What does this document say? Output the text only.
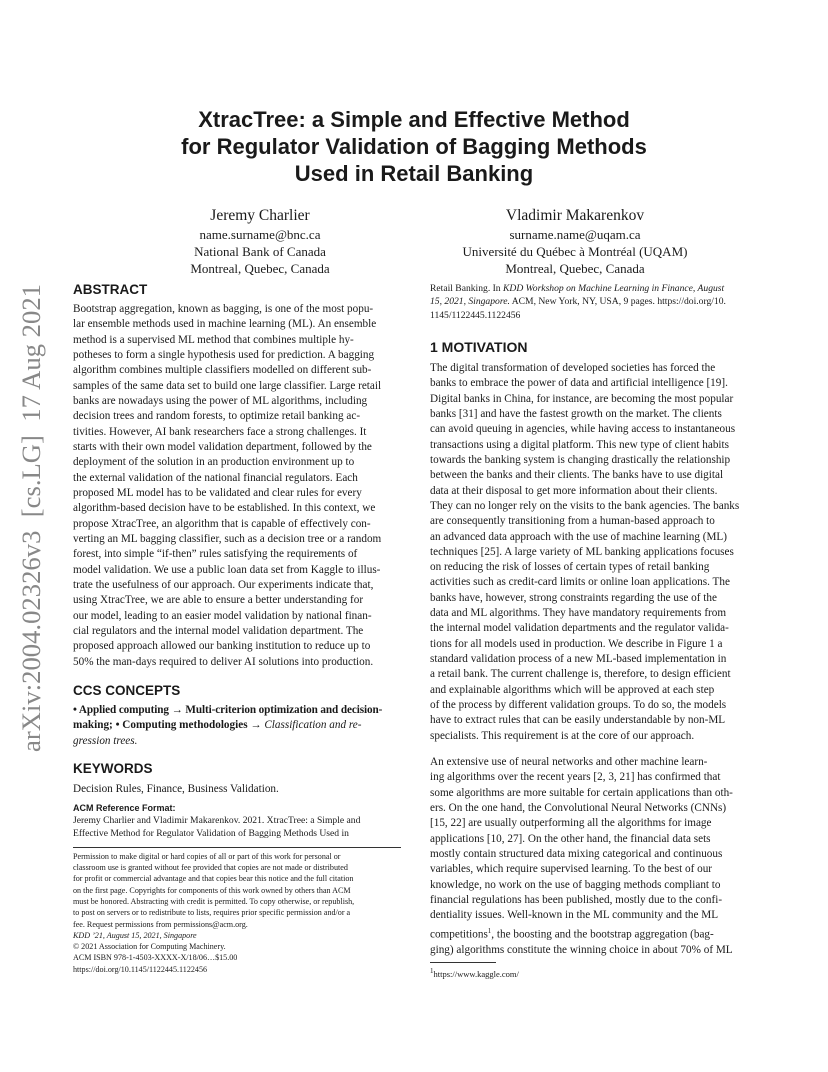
arXiv:2004.02326v3  [cs.LG]  17 Aug 2021
XtracTree: a Simple and Effective Method
for Regulator Validation of Bagging Methods
Used in Retail Banking
Jeremy Charlier
name.surname@bnc.ca
National Bank of Canada
Montreal, Quebec, Canada
Vladimir Makarenkov
surname.name@uqam.ca
Université du Québec à Montréal (UQAM)
Montreal, Quebec, Canada
ABSTRACT
Bootstrap aggregation, known as bagging, is one of the most popu-
lar ensemble methods used in machine learning (ML). An ensemble
method is a supervised ML method that combines multiple hy-
potheses to form a single hypothesis used for prediction. A bagging
algorithm combines multiple classifiers modelled on different sub-
samples of the same data set to build one large classifier. Large retail
banks are nowadays using the power of ML algorithms, including
decision trees and random forests, to optimize retail banking ac-
tivities. However, AI bank researchers face a strong challenges. It
starts with their own model validation department, followed by the
deployment of the solution in an production environment up to
the external validation of the national financial regulators. Each
proposed ML model has to be validated and clear rules for every
algorithm-based decision have to be established. In this context, we
propose XtracTree, an algorithm that is capable of effectively con-
verting an ML bagging classifier, such as a decision tree or a random
forest, into simple “if-then” rules satisfying the requirements of
model validation. We use a public loan data set from Kaggle to illus-
trate the usefulness of our approach. Our experiments indicate that,
using XtracTree, we are able to ensure a better understanding for
our model, leading to an easier model validation by national finan-
cial regulators and the internal model validation department. The
proposed approach allowed our banking institution to reduce up to
50% the man-days required to deliver AI solutions into production.
CCS CONCEPTS
• Applied computing → Multi-criterion optimization and decision-
making; • Computing methodologies → Classification and re-
gression trees.
KEYWORDS
Decision Rules, Finance, Business Validation.
ACM Reference Format:
Jeremy Charlier and Vladimir Makarenkov. 2021. XtracTree: a Simple and
Effective Method for Regulator Validation of Bagging Methods Used in
Permission to make digital or hard copies of all or part of this work for personal or
classroom use is granted without fee provided that copies are not made or distributed
for profit or commercial advantage and that copies bear this notice and the full citation
on the first page. Copyrights for components of this work owned by others than ACM
must be honored. Abstracting with credit is permitted. To copy otherwise, or republish,
to post on servers or to redistribute to lists, requires prior specific permission and/or a
fee. Request permissions from permissions@acm.org.
KDD ’21, August 15, 2021, Singapore
© 2021 Association for Computing Machinery.
ACM ISBN 978-1-4503-XXXX-X/18/06…$15.00
https://doi.org/10.1145/1122445.1122456
Retail Banking. In KDD Workshop on Machine Learning in Finance, August
15, 2021, Singapore. ACM, New York, NY, USA, 9 pages. https://doi.org/10.
1145/1122445.1122456
1 MOTIVATION
The digital transformation of developed societies has forced the
banks to embrace the power of data and artificial intelligence [19].
Digital banks in China, for instance, are becoming the most popular
banks [31] and have the fastest growth on the market. The clients
can avoid queuing in agencies, while having access to instantaneous
transactions using a digital platform. This new type of client habits
towards the banking system is changing drastically the relationship
between the banks and their clients. The banks have to use digital
data at their disposal to get more information about their clients.
They can no longer rely on the visits to the bank agencies. The banks
are consequently transitioning from a human-based approach to
an advanced data approach with the use of machine learning (ML)
techniques [25]. A large variety of ML banking applications focuses
on reducing the risk of losses of certain types of retail banking
activities such as credit-card limits or online loan applications. The
banks have, however, strong constraints regarding the use of the
data and ML algorithms. They have mandatory requirements from
the internal model validation departments and the regulator valida-
tions for all models used in production. We describe in Figure 1 a
standard validation process of a new ML-based implementation in
a retail bank. The current challenge is, therefore, to design efficient
and explainable algorithms which will be approved at each step
of the process by different validation groups. To do so, the models
have to extract rules that can be easily understandable by non-ML
specialists. This requirement is at the core of our approach.
An extensive use of neural networks and other machine learn-
ing algorithms over the recent years [2, 3, 21] has confirmed that
some algorithms are more suitable for certain applications than oth-
ers. On the one hand, the Convolutional Neural Networks (CNNs)
[15, 22] are usually outperforming all the algorithms for image
applications [10, 27]. On the other hand, the financial data sets
mostly contain structured data mixing categorical and continuous
variables, which require supervised learning. To the best of our
knowledge, no work on the use of bagging methods compliant to
financial regulations has been published, mostly due to the confi-
dentiality issues. Well-known in the ML community and the ML
competitions$^1$, the boosting and the bootstrap aggregation (bag-
ging) algorithms constitute the winning choice in about 70% of ML
$^1$https://www.kaggle.com/
